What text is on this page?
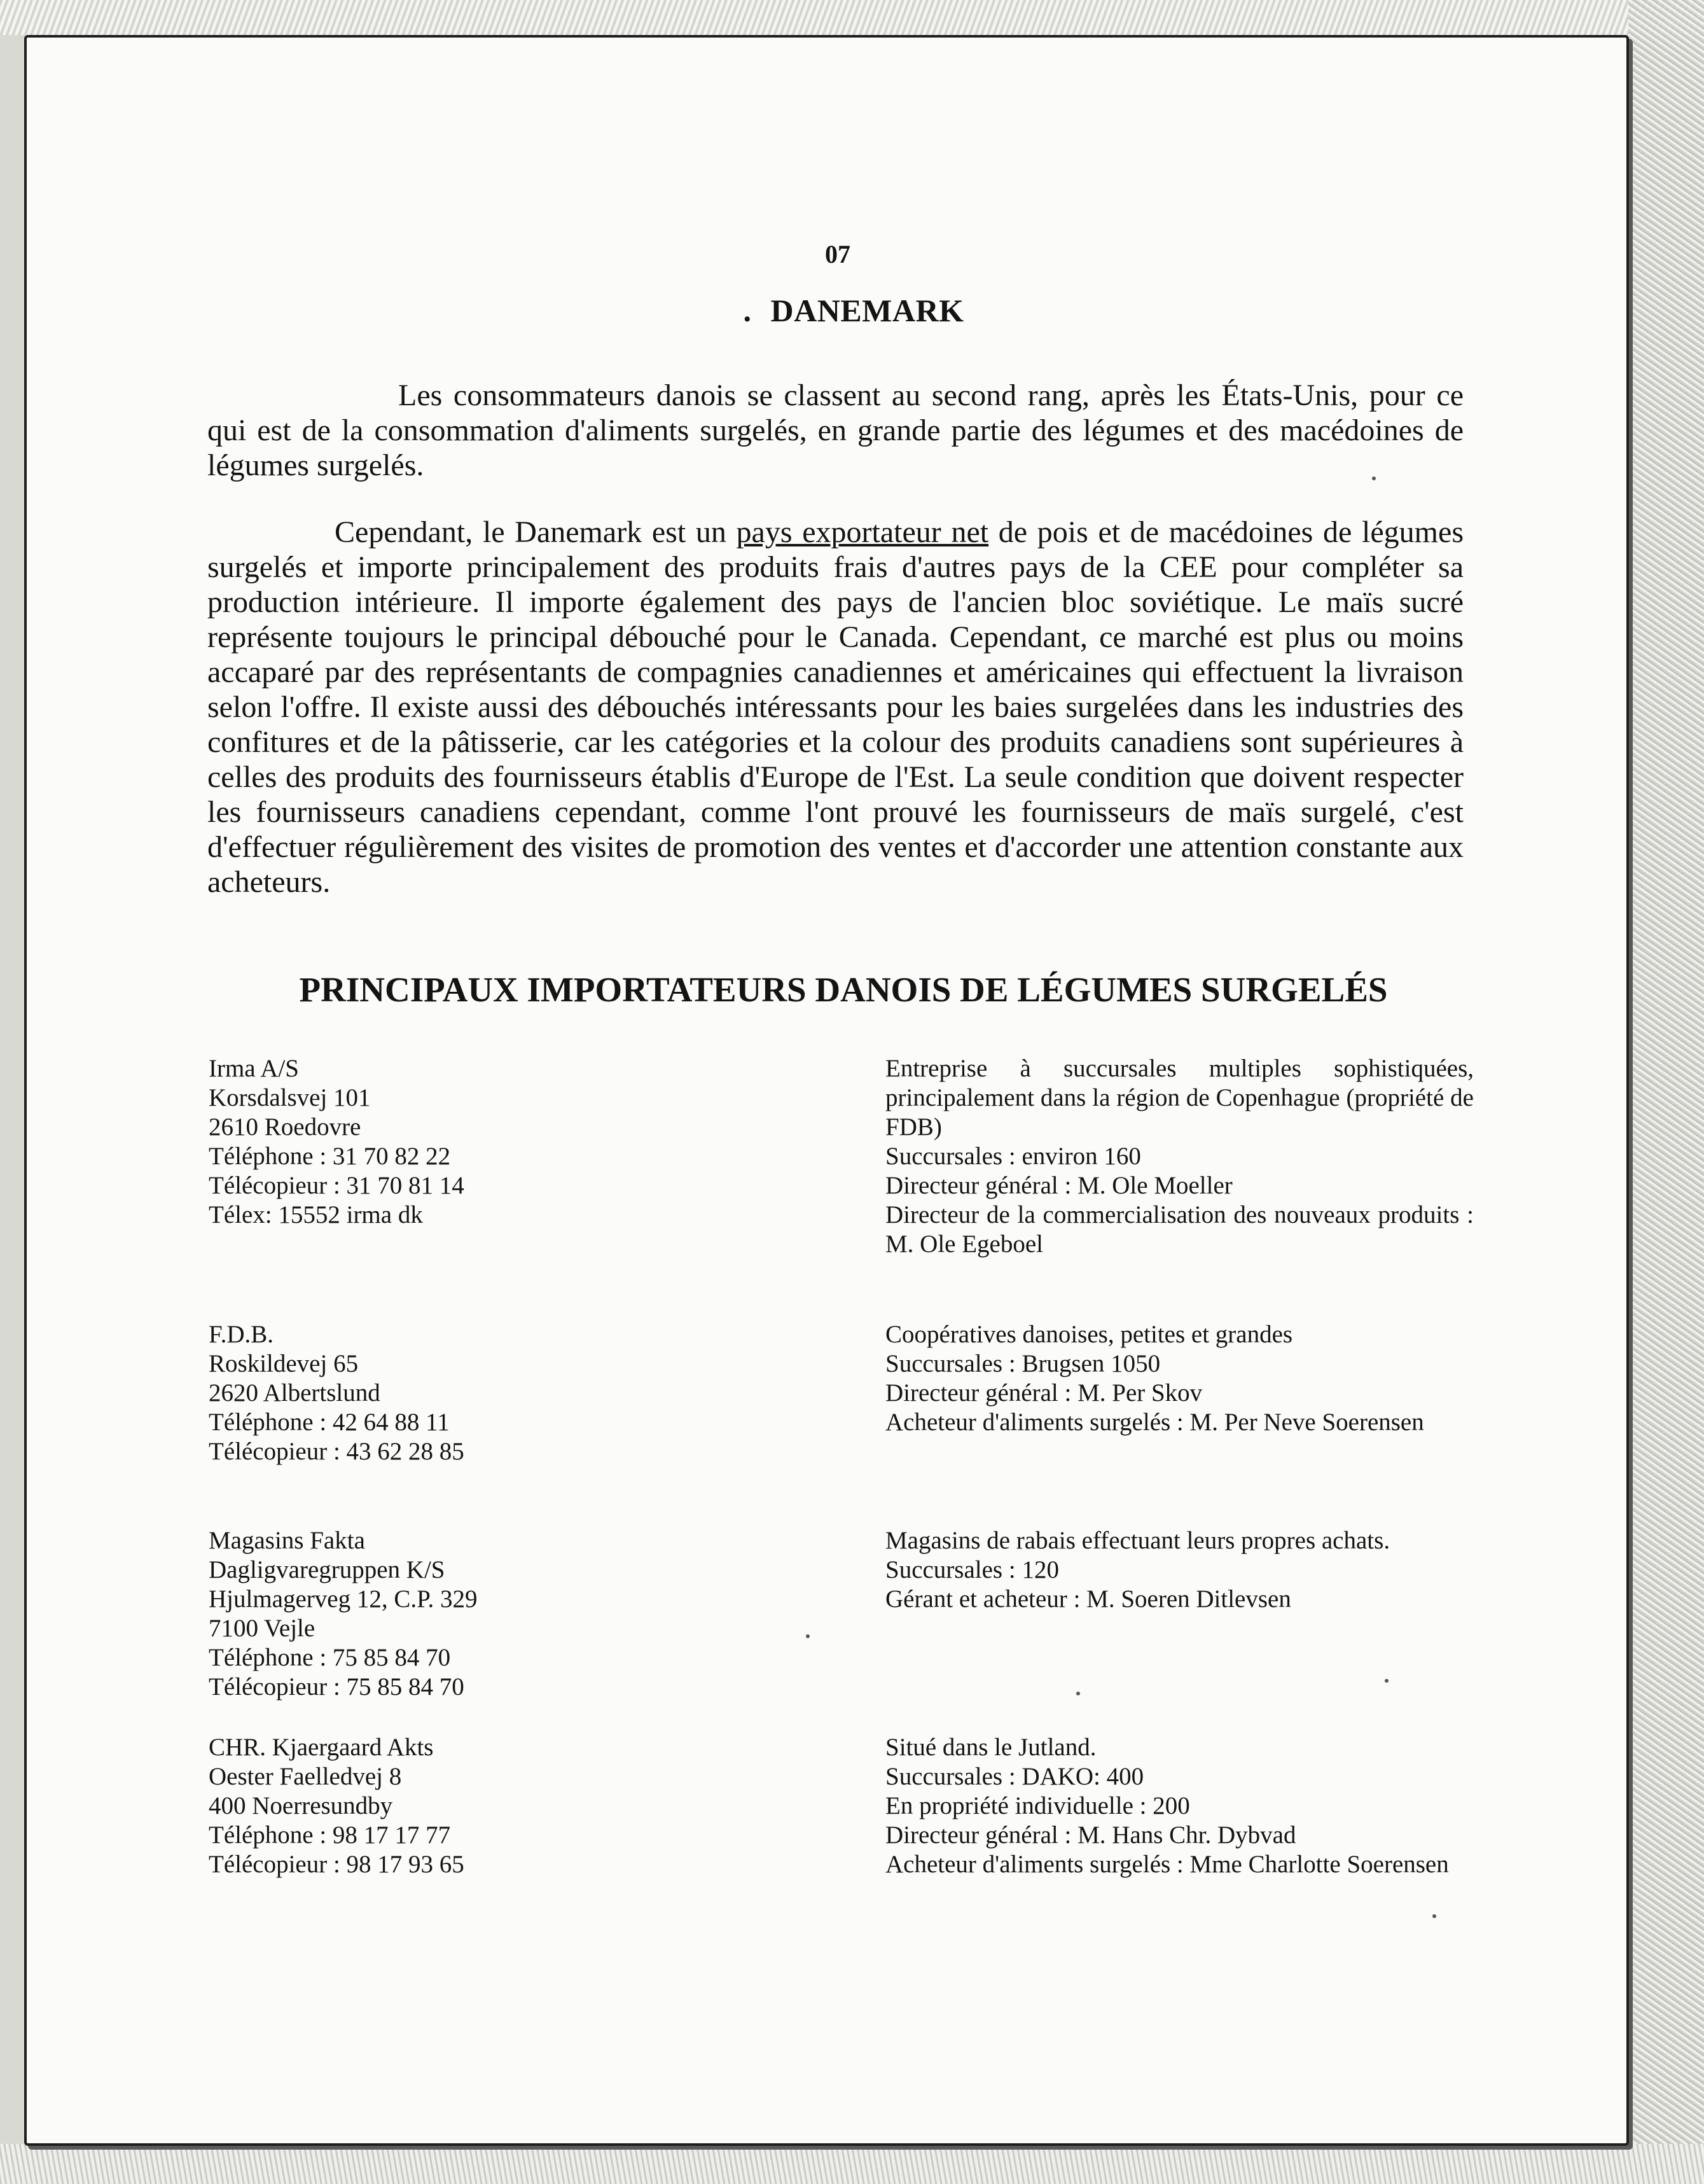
07
. DANEMARK

Les consommateurs danois se classent au second rang, après les États-Unis, pour ce qui est de la consommation d'aliments surgelés, en grande partie des légumes et des macédoines de légumes surgelés.

Cependant, le Danemark est un pays exportateur net de pois et de macédoines de légumes surgelés et importe principalement des produits frais d'autres pays de la CEE pour compléter sa production intérieure. Il importe également des pays de l'ancien bloc soviétique. Le maïs sucré représente toujours le principal débouché pour le Canada. Cependant, ce marché est plus ou moins accaparé par des représentants de compagnies canadiennes et américaines qui effectuent la livraison selon l'offre. Il existe aussi des débouchés intéressants pour les baies surgelées dans les industries des confitures et de la pâtisserie, car les catégories et la colour des produits canadiens sont supérieures à celles des produits des fournisseurs établis d'Europe de l'Est. La seule condition que doivent respecter les fournisseurs canadiens cependant, comme l'ont prouvé les fournisseurs de maïs surgelé, c'est d'effectuer régulièrement des visites de promotion des ventes et d'accorder une attention constante aux acheteurs.

PRINCIPAUX IMPORTATEURS DANOIS DE LÉGUMES SURGELÉS
Irma A/S
Korsdalsvej 101
2610 Roedovre
Téléphone : 31 70 82 22
Télécopieur : 31 70 81 14
Télex: 15552 irma dk
Entreprise à succursales multiples sophistiquées, principalement dans la région de Copenhague (propriété de FDB)
Succursales : environ 160
Directeur général : M. Ole Moeller
Directeur de la commercialisation des nouveaux produits : M. Ole Egeboel
F.D.B.
Roskildevej 65
2620 Albertslund
Téléphone : 42 64 88 11
Télécopieur : 43 62 28 85
Coopératives danoises, petites et grandes
Succursales : Brugsen 1050
Directeur général : M. Per Skov
Acheteur d'aliments surgelés : M. Per Neve Soerensen
Magasins Fakta
Dagligvaregruppen K/S
Hjulmagerveg 12, C.P. 329
7100 Vejle
Téléphone : 75 85 84 70
Télécopieur : 75 85 84 70
Magasins de rabais effectuant leurs propres achats.
Succursales : 120
Gérant et acheteur : M. Soeren Ditlevsen
CHR. Kjaergaard Akts
Oester Faelledvej 8
400 Noerresundby
Téléphone : 98 17 17 77
Télécopieur : 98 17 93 65
Situé dans le Jutland.
Succursales : DAKO: 400
En propriété individuelle : 200
Directeur général : M. Hans Chr. Dybvad
Acheteur d'aliments surgelés : Mme Charlotte Soerensen
